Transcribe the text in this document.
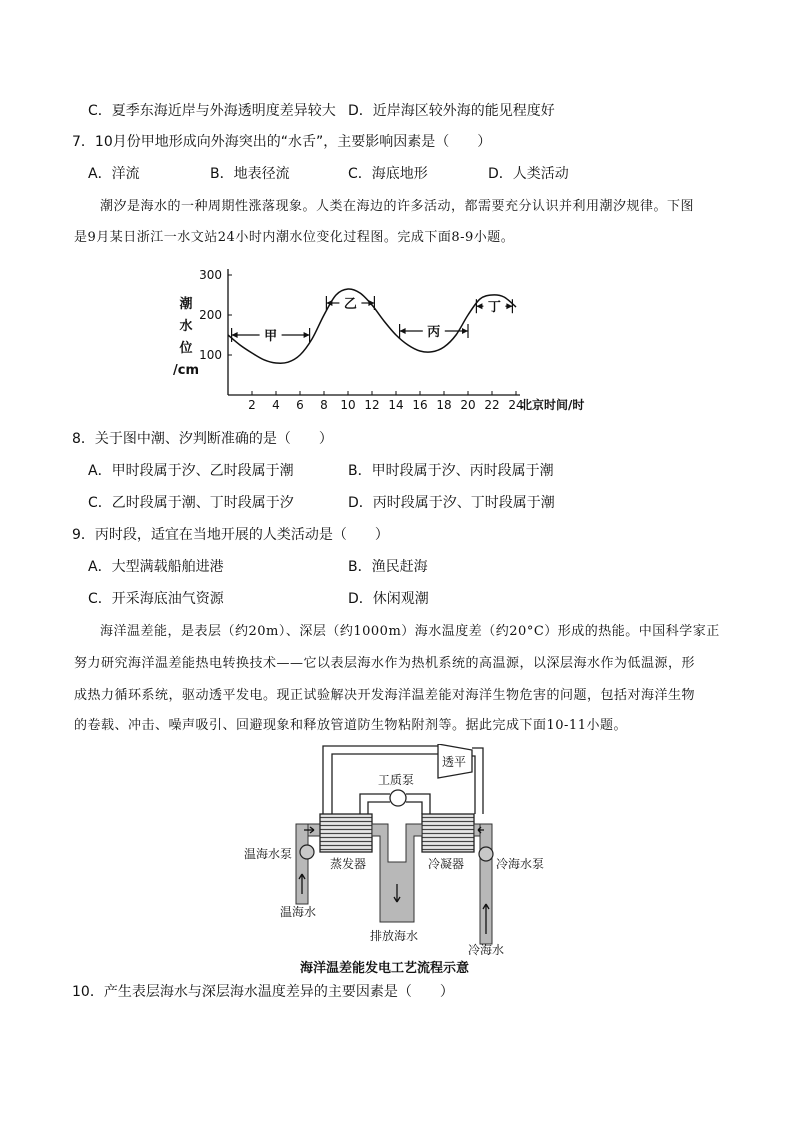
C．夏季东海近岸与外海透明度差异较大 D．近岸海区较外海的能见程度好
7．10月份甲地形成向外海突出的“水舌”，主要影响因素是（　　）
A．洋流	B．地表径流	C．海底地形	D．人类活动
潮汐是海水的一种周期性涨落现象。人类在海边的许多活动，都需要充分认识并利用潮汐规律。下图
是9月某日浙江一水文站24小时内潮水位变化过程图。完成下面8-9小题。
2 4 6 8 10 12 14 16 18 20 22 24
北京时间/时
100
200
300
潮
水
位
/cm
甲
乙
丙
丁
8．关于图中潮、汐判断准确的是（　　）
A．甲时段属于汐、乙时段属于潮	B．甲时段属于汐、丙时段属于潮
C．乙时段属于潮、丁时段属于汐	D．丙时段属于汐、丁时段属于潮
9．丙时段，适宜在当地开展的人类活动是（　　）
A．大型满载船舶进港	B．渔民赶海
C．开采海底油气资源	D．休闲观潮
海洋温差能，是表层（约20m）、深层（约1000m）海水温度差（约20°C）形成的热能。中国科学家正
努力研究海洋温差能热电转换技术——它以表层海水作为热机系统的高温源，以深层海水作为低温源，形
成热力循环系统，驱动透平发电。现正试验解决开发海洋温差能对海洋生物危害的问题，包括对海洋生物
的卷载、冲击、噪声吸引、回避现象和释放管道防生物粘附剂等。据此完成下面10-11小题。
透平
工质泵
温海水泵
蒸发器	冷凝器	冷海水泵
温海水
排放海水
冷海水
海洋温差能发电工艺流程示意
10．产生表层海水与深层海水温度差异的主要因素是（　　）
